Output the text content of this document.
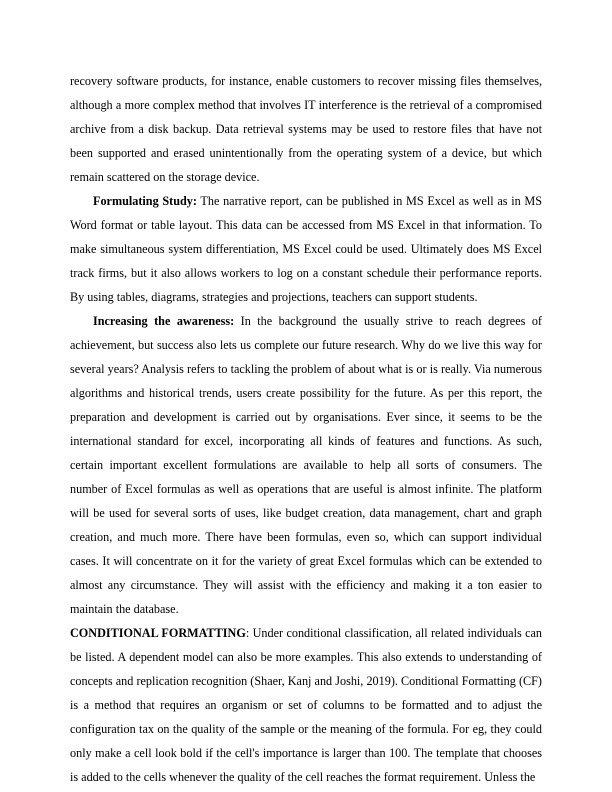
recovery software products, for instance, enable customers to recover missing files themselves, although a more complex method that involves IT interference is the retrieval of a compromised archive from a disk backup. Data retrieval systems may be used to restore files that have not been supported and erased unintentionally from the operating system of a device, but which remain scattered on the storage device.

Formulating Study: The narrative report, can be published in MS Excel as well as in MS Word format or table layout. This data can be accessed from MS Excel in that information. To make simultaneous system differentiation, MS Excel could be used. Ultimately does MS Excel track firms, but it also allows workers to log on a constant schedule their performance reports. By using tables, diagrams, strategies and projections, teachers can support students.

Increasing the awareness: In the background the usually strive to reach degrees of achievement, but success also lets us complete our future research. Why do we live this way for several years? Analysis refers to tackling the problem of about what is or is really. Via numerous algorithms and historical trends, users create possibility for the future. As per this report, the preparation and development is carried out by organisations. Ever since, it seems to be the international standard for excel, incorporating all kinds of features and functions. As such, certain important excellent formulations are available to help all sorts of consumers. The number of Excel formulas as well as operations that are useful is almost infinite. The platform will be used for several sorts of uses, like budget creation, data management, chart and graph creation, and much more. There have been formulas, even so, which can support individual cases. It will concentrate on it for the variety of great Excel formulas which can be extended to almost any circumstance. They will assist with the efficiency and making it a ton easier to maintain the database.

CONDITIONAL FORMATTING: Under conditional classification, all related individuals can be listed. A dependent model can also be more examples. This also extends to understanding of concepts and replication recognition (Shaer, Kanj and Joshi, 2019). Conditional Formatting (CF) is a method that requires an organism or set of columns to be formatted and to adjust the configuration tax on the quality of the sample or the meaning of the formula. For eg, they could only make a cell look bold if the cell's importance is larger than 100. The template that chooses is added to the cells whenever the quality of the cell reaches the format requirement. Unless the
